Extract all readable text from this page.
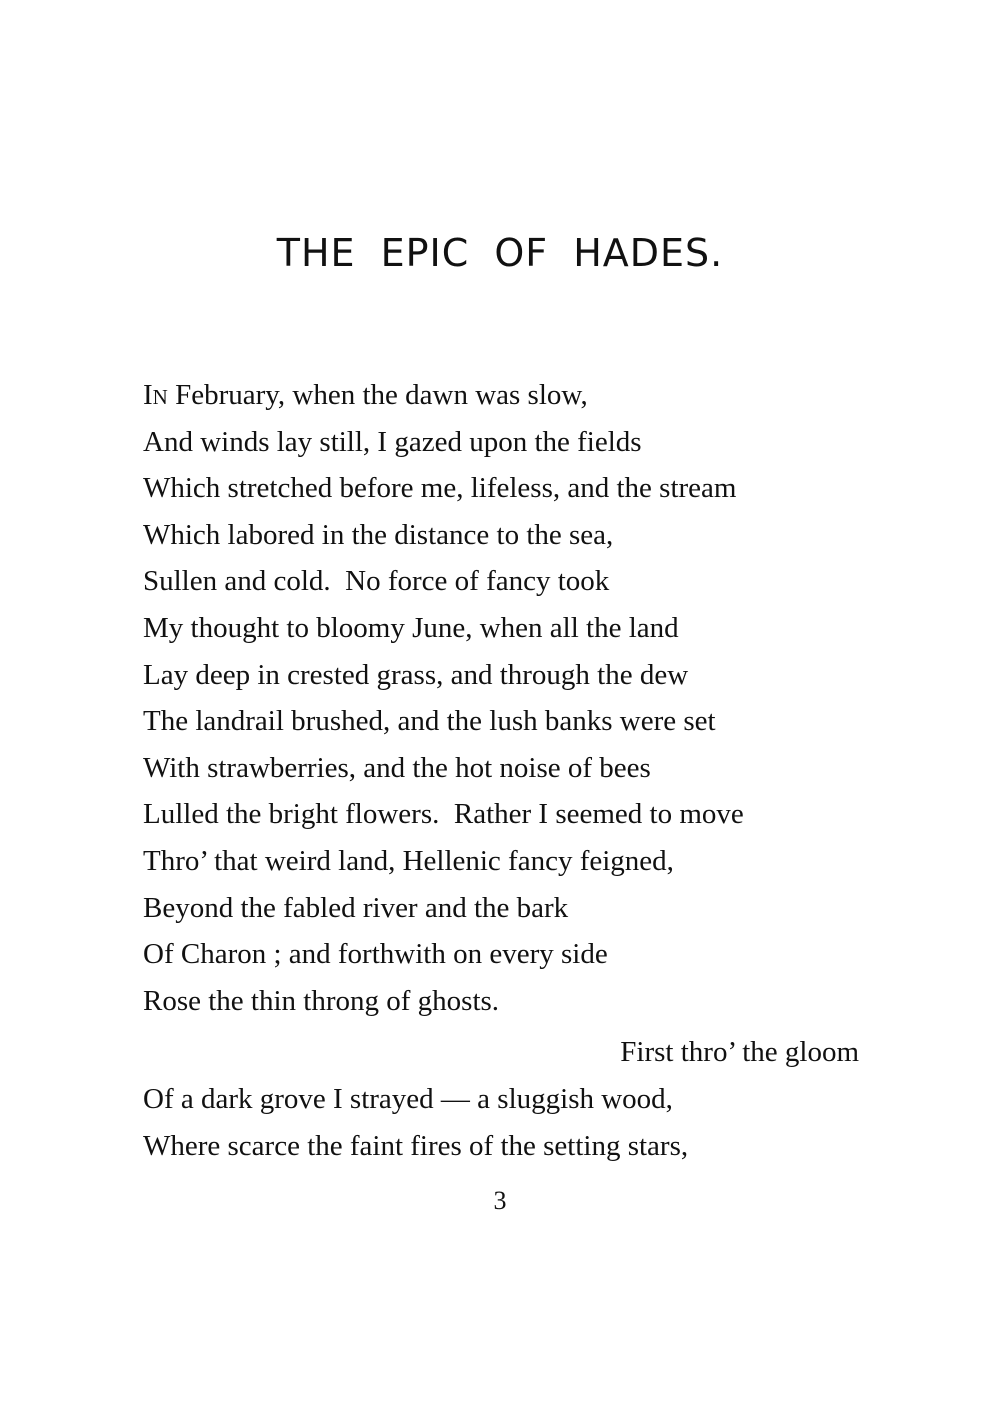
THE EPIC OF HADES.
IN February, when the dawn was slow,
And winds lay still, I gazed upon the fields
Which stretched before me, lifeless, and the stream
Which labored in the distance to the sea,
Sullen and cold.  No force of fancy took
My thought to bloomy June, when all the land
Lay deep in crested grass, and through the dew
The landrail brushed, and the lush banks were set
With strawberries, and the hot noise of bees
Lulled the bright flowers.  Rather I seemed to move
Thro’ that weird land, Hellenic fancy feigned,
Beyond the fabled river and the bark
Of Charon ; and forthwith on every side
Rose the thin throng of ghosts.
First thro’ the gloom
Of a dark grove I strayed — a sluggish wood,
Where scarce the faint fires of the setting stars,
3
